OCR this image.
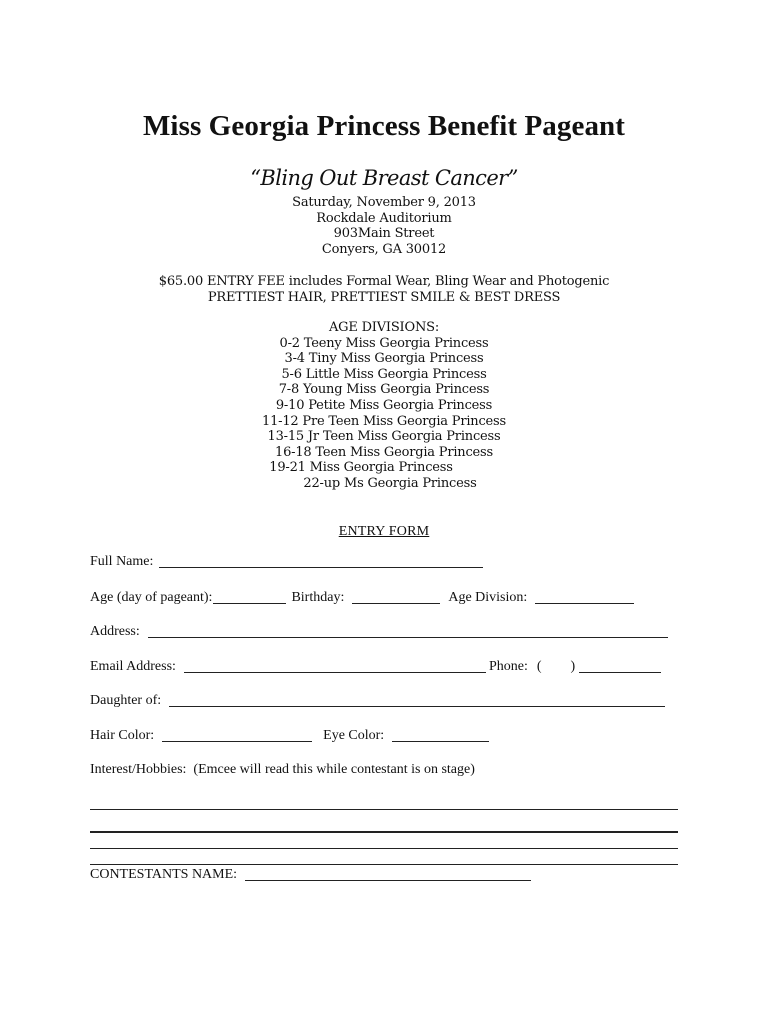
Miss Georgia Princess Benefit Pageant
“Bling Out Breast Cancer”
Saturday, November 9, 2013
Rockdale Auditorium
903Main Street
Conyers, GA 30012
$65.00 ENTRY FEE includes Formal Wear, Bling Wear and Photogenic
PRETTIEST HAIR, PRETTIEST SMILE & BEST DRESS
AGE DIVISIONS:
0-2 Teeny Miss Georgia Princess
3-4 Tiny Miss Georgia Princess
5-6 Little Miss Georgia Princess
7-8 Young Miss Georgia Princess
9-10 Petite Miss Georgia Princess
11-12 Pre Teen Miss Georgia Princess
13-15 Jr Teen Miss Georgia Princess
16-18 Teen Miss Georgia Princess
19-21 Miss Georgia Princess
22-up Ms Georgia Princess
ENTRY FORM
Full Name:
Age (day of pageant):	Birthday:	Age Division:
Address:
Email Address:	Phone: ( )
Daughter of:
Hair Color:	Eye Color:
Interest/Hobbies:  (Emcee will read this while contestant is on stage)
CONTESTANTS NAME:
